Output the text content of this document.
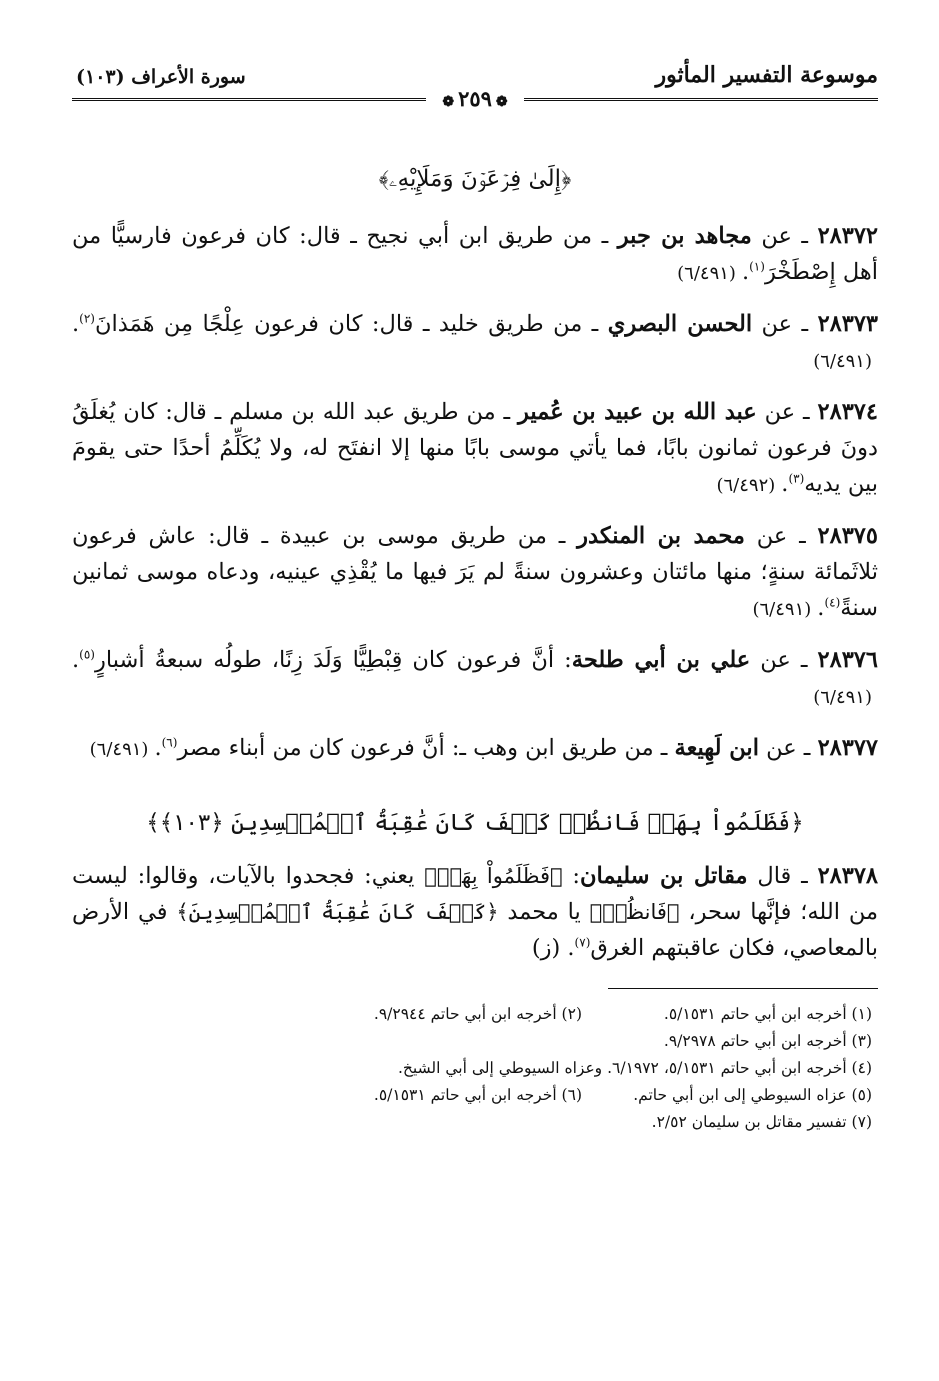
موسوعة التفسير المأثور
سورة الأعراف (١٠٣)
❁٢٥٩❁

﴿إِلَىٰ فِرۡعَوۡنَ وَمَلَإِيْهِۦ﴾

٢٨٣٧٢ ـ عن مجاهد بن جبر ـ من طريق ابن أبي نجيح ـ قال: كان فرعون فارسيًّا من أهل إِصْطَخْرَ$^{(١)}$.(٦/٤٩١)

٢٨٣٧٣ ـ عن الحسن البصري ـ من طريق خليد ـ قال: كان فرعون عِلْجًا مِن هَمَذانَ$^{(٢)}$.(٦/٤٩١)

٢٨٣٧٤ ـ عن عبد الله بن عبيد بن عُمير ـ من طريق عبد الله بن مسلم ـ قال: كان يُغلَقُ دونَ فرعون ثمانون بابًا، فما يأتي موسى بابًا منها إلا انفتَح له، ولا يُكَلِّمُ أحدًا حتى يقومَ بين يديه$^{(٣)}$.(٦/٤٩٢)

٢٨٣٧٥ ـ عن محمد بن المنكدر ـ من طريق موسى بن عبيدة ـ قال: عاش فرعون ثلاثَمائة سنةٍ؛ منها مائتان وعشرون سنةً لم يَرَ فيها ما يُقْذِي عينيه، ودعاه موسى ثمانين سنةً$^{(٤)}$.(٦/٤٩١)

٢٨٣٧٦ ـ عن علي بن أبي طلحة: أنَّ فرعون كان قِبْطِيًّا وَلَدَ زِنًا، طولُه سبعةُ أشبارٍ$^{(٥)}$.(٦/٤٩١)

٢٨٣٧٧ ـ عن ابن لَهِيعة ـ من طريق ابن وهب ـ: أنَّ فرعون كان من أبناء مصر$^{(٦)}$.(٦/٤٩١)

﴿فَظَلَمُواْ بِهَاۖ فَانظُرۡ كَيۡفَ كَانَ عَٰقِبَةُ ٱلۡمُفۡسِدِينَ ﴿١٠٣﴾﴾

٢٨٣٧٨ ـ قال مقاتل بن سليمان: ﴿فَظَلَمُواْ بِهَاۖ﴾ يعني: فجحدوا بالآيات، وقالوا: ليست من الله؛ فإنَّها سحر، ﴿فَانظُرۡ﴾ يا محمد ﴿كَيۡفَ كَانَ عَٰقِبَةُ ٱلۡمُفۡسِدِينَ﴾ في الأرض بالمعاصي، فكان عاقبتهم الغرق$^{(٧)}$. (ز)

(١) أخرجه ابن أبي حاتم ٥/١٥٣١.
(٢) أخرجه ابن أبي حاتم ٩/٢٩٤٤.
(٣) أخرجه ابن أبي حاتم ٩/٢٩٧٨.
(٤) أخرجه ابن أبي حاتم ٥/١٥٣١، ٦/١٩٧٢. وعزاه السيوطي إلى أبي الشيخ.
(٥) عزاه السيوطي إلى ابن أبي حاتم.
(٦) أخرجه ابن أبي حاتم ٥/١٥٣١.
(٧) تفسير مقاتل بن سليمان ٢/٥٢.
